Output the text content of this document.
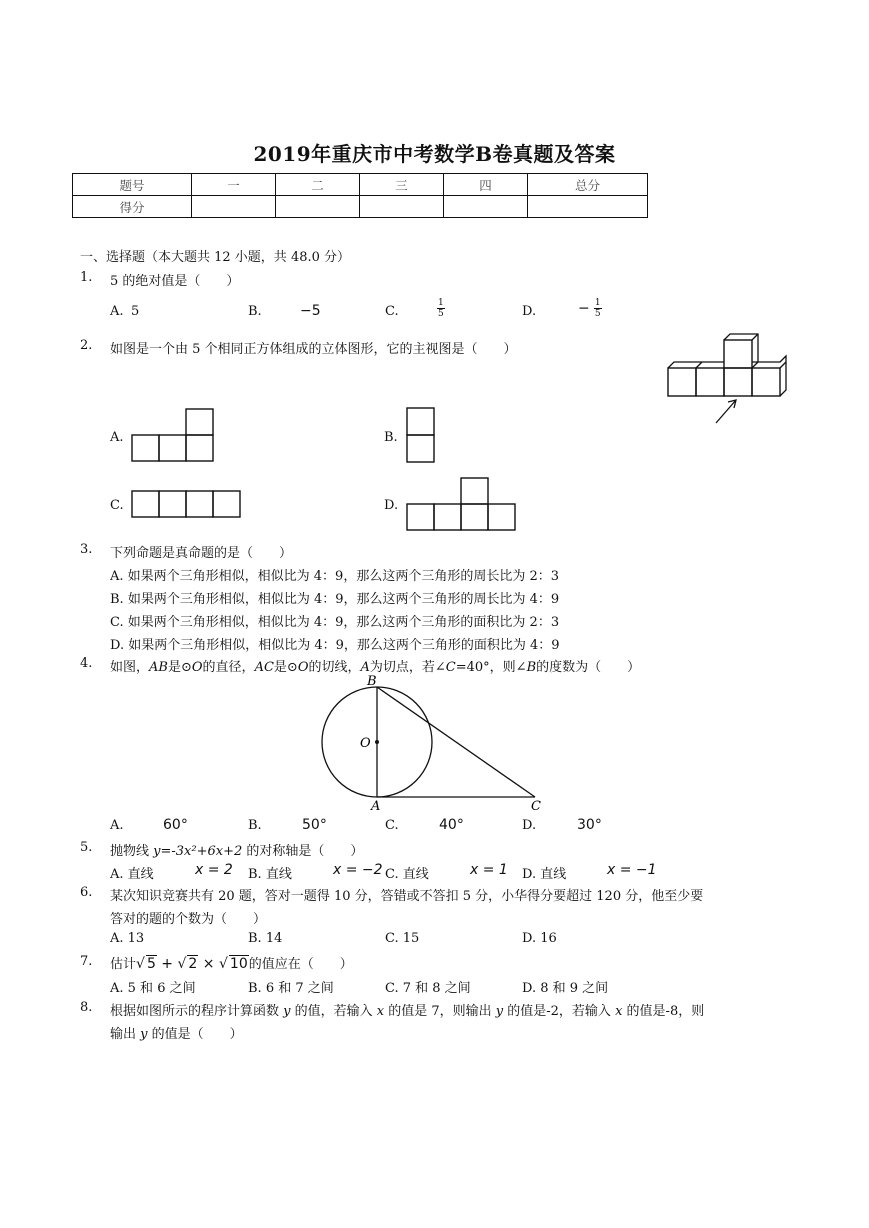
2019年重庆市中考数学B卷真题及答案
题号	一	二	三	四	总分
得分					
一、选择题（本大题共 12 小题，共 48.0 分）
1. 5 的绝对值是（　　）
A. 5	B.	−5	C.	$\frac{1}{5}$	D.	− $\frac{1}{5}$
2. 如图是一个由 5 个相同正方体组成的立体图形，它的主视图是（　　）
A.	B.
C.	D.
3. 下列命题是真命题的是（　　）
A. 如果两个三角形相似，相似比为 4：9，那么这两个三角形的周长比为 2：3
B. 如果两个三角形相似，相似比为 4：9，那么这两个三角形的周长比为 4：9
C. 如果两个三角形相似，相似比为 4：9，那么这两个三角形的面积比为 2：3
D. 如果两个三角形相似，相似比为 4：9，那么这两个三角形的面积比为 4：9
4. 如图，AB是⊙O的直径，AC是⊙O的切线，A为切点，若∠C=40°，则∠B的度数为（　　）
B
O
A	C
A.	60°	B.	50°	C.	40°	D.	30°
5. 抛物线 y=-3x²+6x+2 的对称轴是（　　）
A. 直线	x = 2 B. 直线	x = −2 C. 直线	x = 1 D. 直线	x = −1
6. 某次知识竞赛共有 20 题，答对一题得 10 分，答错或不答扣 5 分，小华得分要超过 120 分，他至少要
答对的题的个数为（　　）
A. 13	B. 14	C. 15	D. 16
7. 估计√ 5 + √ 2 × √ 10的值应在（　　）
A. 5 和 6 之间	B. 6 和 7 之间	C. 7 和 8 之间	D. 8 和 9 之间
8. 根据如图所示的程序计算函数 y 的值，若输入 x 的值是 7，则输出 y 的值是-2，若输入 x 的值是-8，则
输出 y 的值是（　　）
